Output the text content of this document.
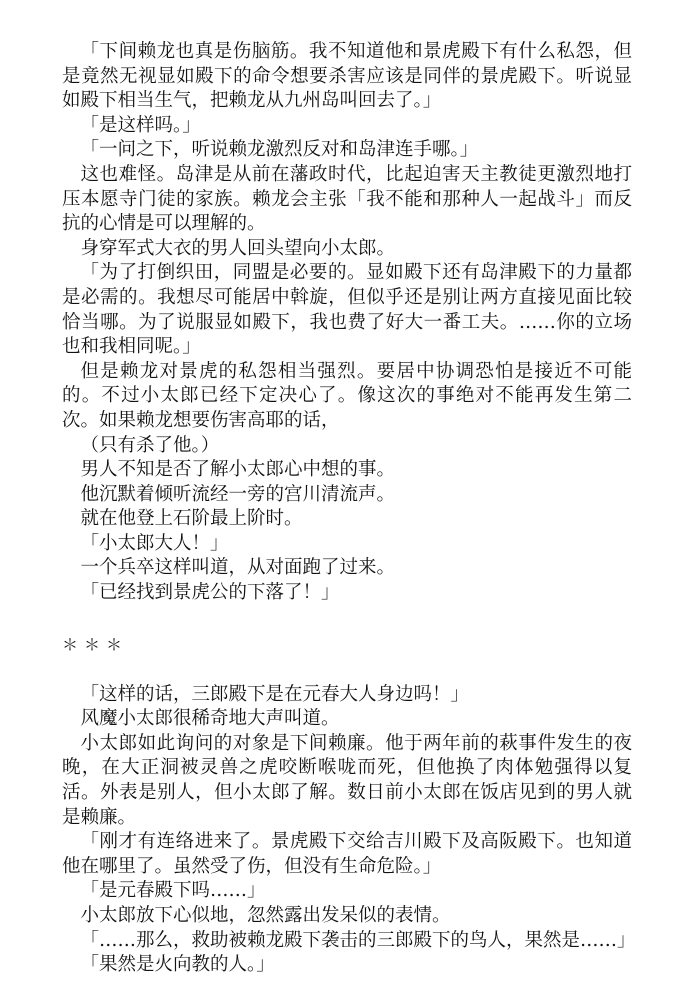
「下间赖龙也真是伤脑筋。我不知道他和景虎殿下有什么私怨，但是竟然无视显如殿下的命令想要杀害应该是同伴的景虎殿下。听说显如殿下相当生气，把赖龙从九州岛叫回去了。」

「是这样吗。」

「一问之下，听说赖龙激烈反对和岛津连手哪。」

这也难怪。岛津是从前在藩政时代，比起迫害天主教徒更激烈地打压本愿寺门徒的家族。赖龙会主张「我不能和那种人一起战斗」而反抗的心情是可以理解的。

身穿军式大衣的男人回头望向小太郎。

「为了打倒织田，同盟是必要的。显如殿下还有岛津殿下的力量都是必需的。我想尽可能居中斡旋，但似乎还是别让两方直接见面比较恰当哪。为了说服显如殿下，我也费了好大一番工夫。……你的立场也和我相同呢。」

但是赖龙对景虎的私怨相当强烈。要居中协调恐怕是接近不可能的。不过小太郎已经下定决心了。像这次的事绝对不能再发生第二次。如果赖龙想要伤害高耶的话，

（只有杀了他。）

男人不知是否了解小太郎心中想的事。

他沉默着倾听流经一旁的宫川清流声。

就在他登上石阶最上阶时。

「小太郎大人！」

一个兵卒这样叫道，从对面跑了过来。

「已经找到景虎公的下落了！」

＊＊＊

「这样的话，三郎殿下是在元春大人身边吗！」

风魔小太郎很稀奇地大声叫道。

小太郎如此询问的对象是下间赖廉。他于两年前的萩事件发生的夜晚，在大正洞被灵兽之虎咬断喉咙而死，但他换了肉体勉强得以复活。外表是别人，但小太郎了解。数日前小太郎在饭店见到的男人就是赖廉。

「刚才有连络进来了。景虎殿下交给吉川殿下及高阪殿下。也知道他在哪里了。虽然受了伤，但没有生命危险。」

「是元春殿下吗……」

小太郎放下心似地，忽然露出发呆似的表情。

「……那么，救助被赖龙殿下袭击的三郎殿下的鸟人，果然是……」

「果然是火向教的人。」
